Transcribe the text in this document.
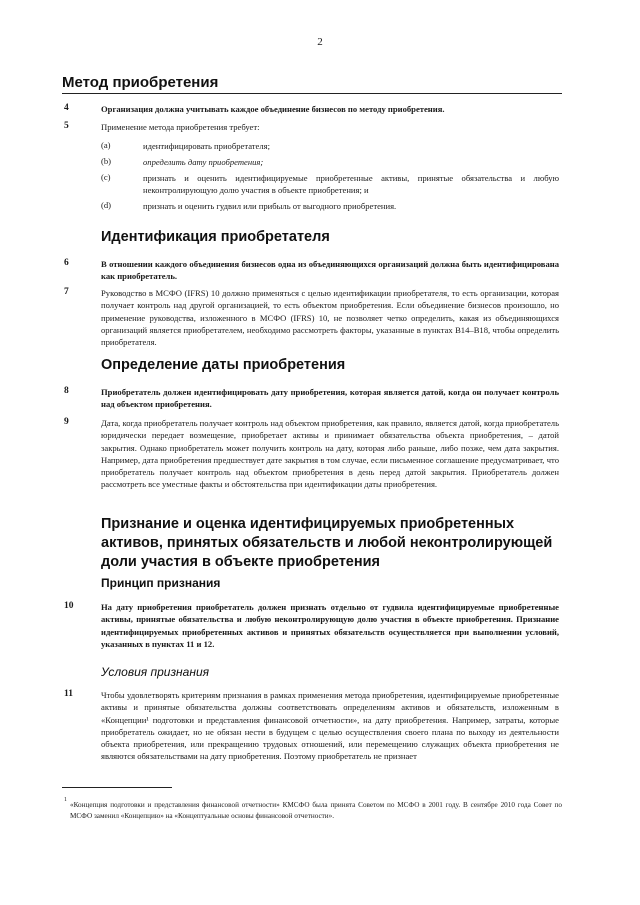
2
Метод приобретения
4	Организация должна учитывать каждое объединение бизнесов по методу приобретения.
5	Применение метода приобретения требует:
(a)	идентифицировать приобретателя;
(b)	определить дату приобретения;
(c)	признать и оценить идентифицируемые приобретенные активы, принятые обязательства и любую неконтролирующую долю участия в объекте приобретения; и
(d)	признать и оценить гудвил или прибыль от выгодного приобретения.
Идентификация приобретателя
6	В отношении каждого объединения бизнесов одна из объединяющихся организаций должна быть идентифицирована как приобретатель.
7	Руководство в МСФО (IFRS) 10 должно применяться с целью идентификации приобретателя, то есть организации, которая получает контроль над другой организацией, то есть объектом приобретения. Если объединение бизнесов произошло, но применение руководства, изложенного в МСФО (IFRS) 10, не позволяет четко определить, какая из объединяющихся организаций является приобретателем, необходимо рассмотреть факторы, указанные в пунктах B14–B18, чтобы определить приобретателя.
Определение даты приобретения
8	Приобретатель должен идентифицировать дату приобретения, которая является датой, когда он получает контроль над объектом приобретения.
9	Дата, когда приобретатель получает контроль над объектом приобретения, как правило, является датой, когда приобретатель юридически передает возмещение, приобретает активы и принимает обязательства объекта приобретения, – датой закрытия. Однако приобретатель может получить контроль на дату, которая либо раньше, либо позже, чем дата закрытия. Например, дата приобретения предшествует дате закрытия в том случае, если письменное соглашение предусматривает, что приобретатель получает контроль над объектом приобретения в день перед датой закрытия. Приобретатель должен рассмотреть все уместные факты и обстоятельства при идентификации даты приобретения.
Признание и оценка идентифицируемых приобретенных активов, принятых обязательств и любой неконтролирующей доли участия в объекте приобретения
Принцип признания
10	На дату приобретения приобретатель должен признать отдельно от гудвила идентифицируемые приобретенные активы, принятые обязательства и любую неконтролирующую долю участия в объекте приобретения. Признание идентифицируемых приобретенных активов и принятых обязательств осуществляется при выполнении условий, указанных в пунктах 11 и 12.
Условия признания
11	Чтобы удовлетворять критериям признания в рамках применения метода приобретения, идентифицируемые приобретенные активы и принятые обязательства должны соответствовать определениям активов и обязательств, изложенным в «Концепции¹ подготовки и представления финансовой отчетности», на дату приобретения. Например, затраты, которые приобретатель ожидает, но не обязан нести в будущем с целью осуществления своего плана по выходу из деятельности объекта приобретения, или прекращению трудовых отношений, или перемещению служащих объекта приобретения не являются обязательствами на дату приобретения. Поэтому приобретатель не признает
1
«Концепция подготовки и представления финансовой отчетности» КМСФО была принята Советом по МСФО в 2001 году. В сентябре 2010 года Совет по МСФО заменил «Концепцию» на «Концептуальные основы финансовой отчетности».
